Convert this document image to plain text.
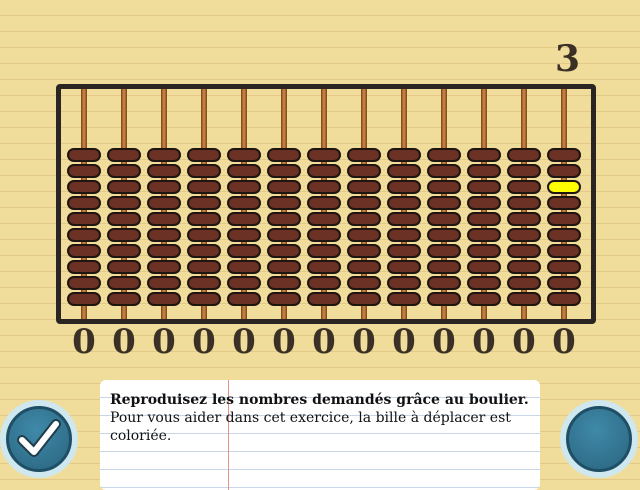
3
0 0 0 0 0 0 0 0 0 0 0 0 0
Reproduisez les nombres demandés grâce au boulier.
Pour vous aider dans cet exercice, la bille à déplacer est coloriée.
